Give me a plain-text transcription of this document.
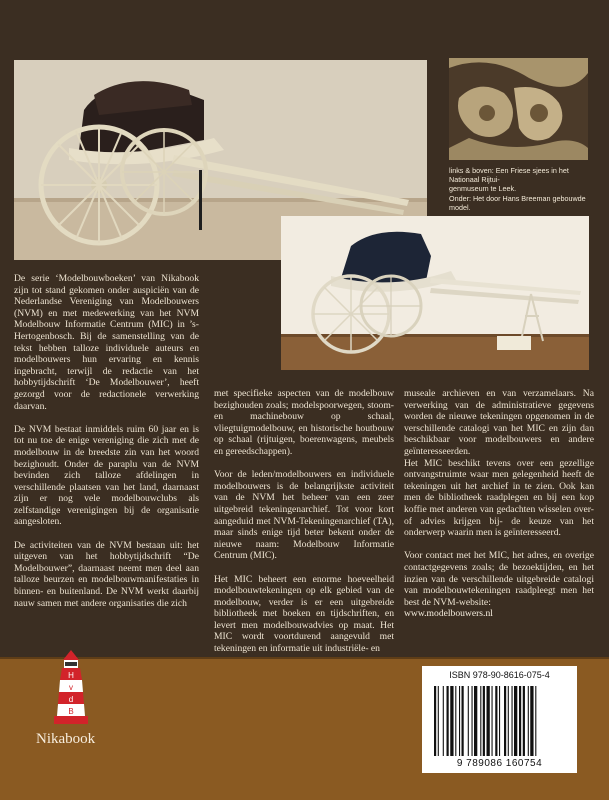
links & boven: Een Friese sjees in het Nationaal Rijtui-
genmuseum te Leek.
Onder: Het door Hans Breeman gebouwde model.

De serie ‘Modelbouwboeken’ van Nikabook zijn tot stand gekomen onder auspiciën van de Nederlandse Vereniging van Modelbouwers (NVM) en met medewerking van het NVM Modelbouw Informatie Centrum (MIC) in ’s-Hertogenbosch. Bij de samenstelling van de tekst hebben talloze individuele auteurs en modelbouwers hun ervaring en kennis ingebracht, terwijl de redactie van het hobbytijdschrift ‘De Modelbouwer’, heeft gezorgd voor de redactionele verwerking daarvan.

De NVM bestaat inmiddels ruim 60 jaar en is tot nu toe de enige vereniging die zich met de modelbouw in de breedste zin van het woord bezighoudt. Onder de paraplu van de NVM bevinden zich talloze afdelingen in verschillende plaatsen van het land, daarnaast zijn er nog vele modelbouwclubs als zelfstandige verenigingen bij de organisatie aangesloten.

De activiteiten van de NVM bestaan uit: het uitgeven van het hobbytijdschrift “De Modelbouwer”, daarnaast neemt men deel aan talloze beurzen en modelbouwmanifestaties in binnen- en buitenland. De NVM werkt daarbij nauw samen met andere organisaties die zich

met specifieke aspecten van de modelbouw bezighouden zoals; modelspoorwegen, stoom- en machinebouw op schaal, vliegtuigmodelbouw, en historische houtbouw op schaal (rijtuigen, boerenwagens, meubels en gereedschappen).

Voor de leden/modelbouwers en individuele modelbouwers is de belangrijkste activiteit van de NVM het beheer van een zeer uitgebreid tekeningenarchief. Tot voor kort aangeduid met NVM-Tekeningenarchief (TA), maar sinds enige tijd beter bekent onder de nieuwe naam: Modelbouw Informatie Centrum (MIC).

Het MIC beheert een enorme hoeveelheid modelbouwtekeningen op elk gebied van de modelbouw, verder is er een uitgebreide bibliotheek met boeken en tijdschriften, en levert men modelbouwadvies op maat. Het MIC wordt voortdurend aangevuld met tekeningen en informatie uit industriële- en

museale archieven en van verzamelaars. Na verwerking van de administratieve gegevens worden de nieuwe tekeningen opgenomen in de verschillende catalogi van het MIC en zijn dan beschikbaar voor modelbouwers en andere geïnteresseerden.

Het MIC beschikt tevens over een gezellige ontvangstruimte waar men gelegenheid heeft de tekeningen uit het archief in te zien. Ook kan men de bibliotheek raadplegen en bij een kop koffie met anderen van gedachten wisselen over- of advies krijgen bij- de keuze van het onderwerp waarin men is geïnteresseerd.

Voor contact met het MIC, het adres, en overige contactgegevens zoals; de bezoektijden, en het inzien van de verschillende uitgebreide catalogi van modelbouwtekeningen raadpleegt men het best de NVM-website:

www.modelbouwers.nl
H
v
d
B
Nikabook
ISBN 978-90-8616-075-4
9 789086 160754
